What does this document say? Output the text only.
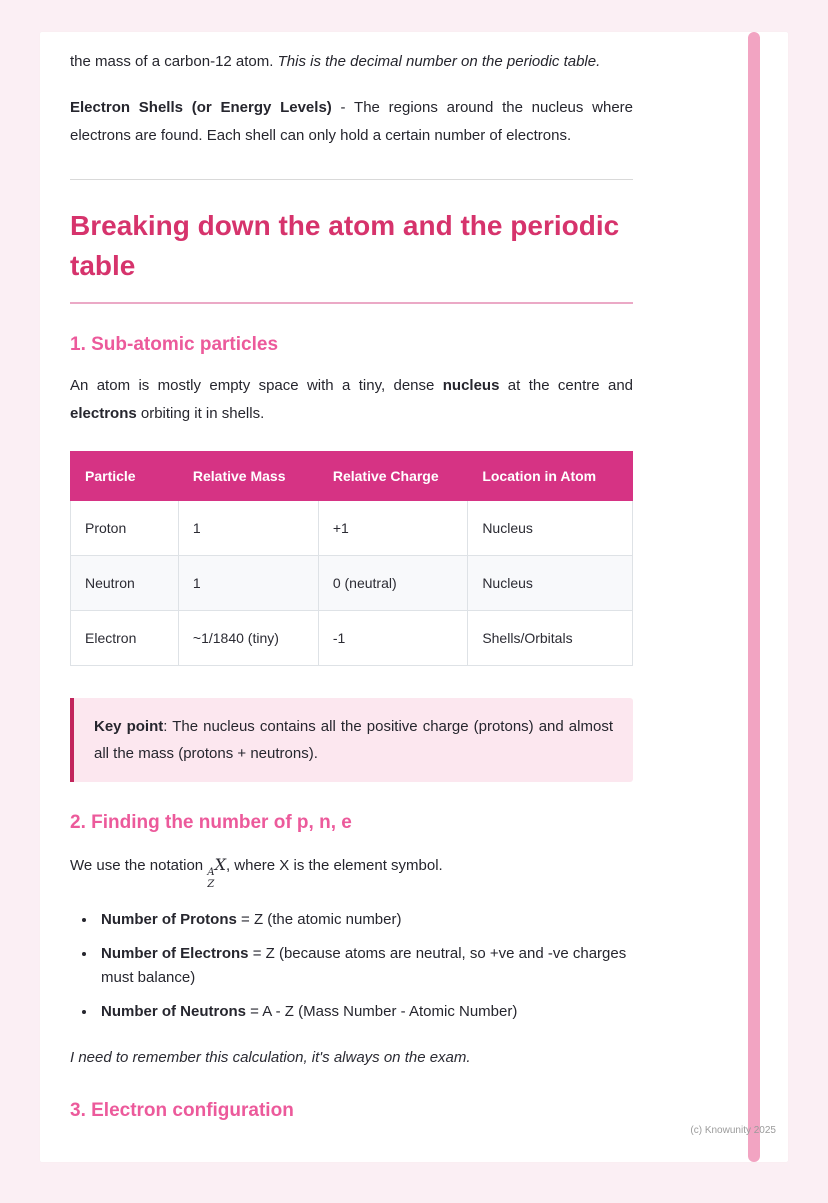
the mass of a carbon-12 atom. This is the decimal number on the periodic table.

Electron Shells (or Energy Levels) - The regions around the nucleus where electrons are found. Each shell can only hold a certain number of electrons.

Breaking down the atom and the periodic table
1. Sub-atomic particles

An atom is mostly empty space with a tiny, dense nucleus at the centre and electrons orbiting it in shells.

Particle	Relative Mass	Relative Charge	Location in Atom
Proton	1	+1	Nucleus
Neutron	1	0 (neutral)	Nucleus
Electron	~1/1840 (tiny)	-1	Shells/Orbitals
Key point: The nucleus contains all the positive charge (protons) and almost all the mass (protons + neutrons).
2. Finding the number of p, n, e

We use the notation A
Z
X, where X is the element symbol.

• Number of Protons = Z (the atomic number)
• Number of Electrons = Z (because atoms are neutral, so +ve and -ve charges must balance)
• Number of Neutrons = A - Z (Mass Number - Atomic Number)

I need to remember this calculation, it's always on the exam.

3. Electron configuration
(c) Knowunity 2025
